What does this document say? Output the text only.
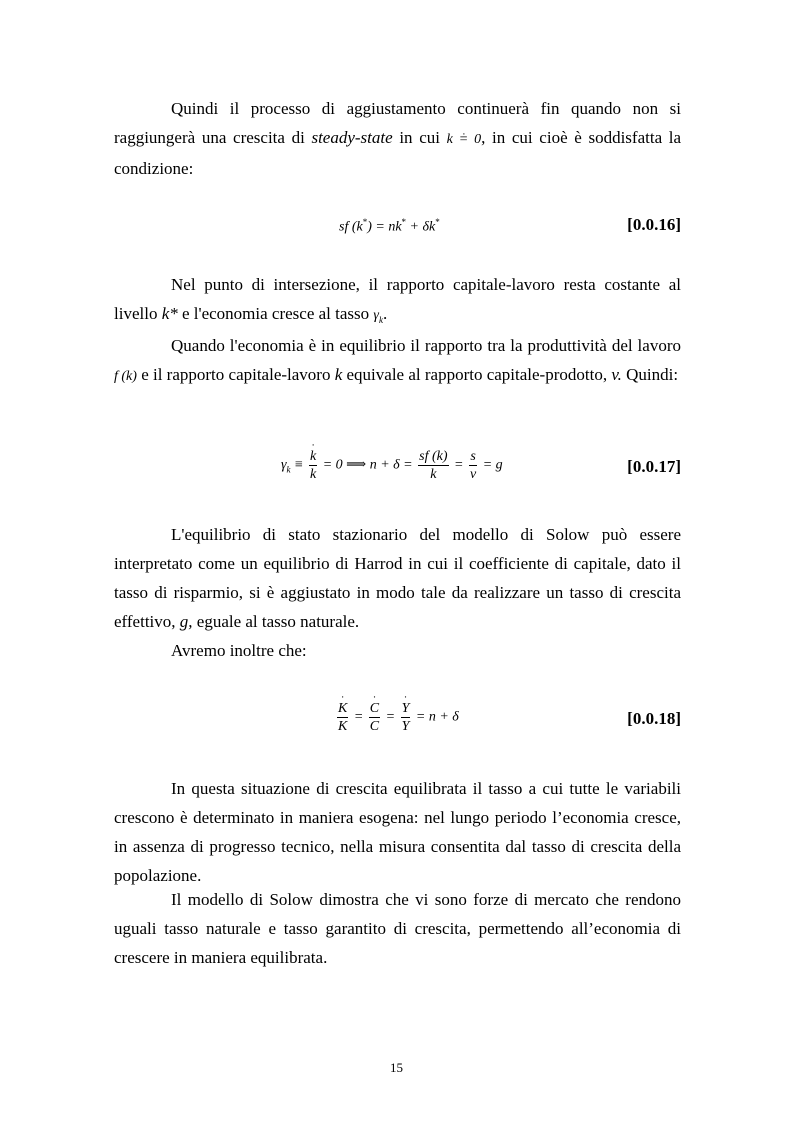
Quindi il processo di aggiustamento continuerà fin quando non si raggiungerà una crescita di steady-state in cui ˙ k = 0, in cui cioè è soddisfatta la condizione:

sf (k*) = nk* + δk*	[0.0.16]

Nel punto di intersezione, il rapporto capitale-lavoro resta costante al livello k* e l'economia cresce al tasso $\gamma_k$.

Quando l'economia è in equilibrio il rapporto tra la produttività del lavoro f (k) e il rapporto capitale-lavoro k equivale al rapporto capitale-prodotto, v. Quindi:

$\gamma_k$ ≡ ˙ $\frac{k}{k} = 0$ ⟹ $n + \delta = \frac{sf (k)}{k} = \frac{s}{v} = g$	[0.0.17]

L'equilibrio di stato stazionario del modello di Solow può essere interpretato come un equilibrio di Harrod in cui il coefficiente di capitale, dato il tasso di risparmio, si è aggiustato in modo tale da realizzare un tasso di crescita effettivo, g, eguale al tasso naturale.

Avremo inoltre che:

˙ $\frac{K}{K}$ = ˙ $\frac{C}{C}$ = ˙ $\frac{Y}{Y} = n + \delta$	[0.0.18]

In questa situazione di crescita equilibrata il tasso a cui tutte le variabili crescono è determinato in maniera esogena: nel lungo periodo l’economia cresce, in assenza di progresso tecnico, nella misura consentita dal tasso di crescita della popolazione.

Il modello di Solow dimostra che vi sono forze di mercato che rendono uguali tasso naturale e tasso garantito di crescita, permettendo all’economia di crescere in maniera equilibrata.

15
